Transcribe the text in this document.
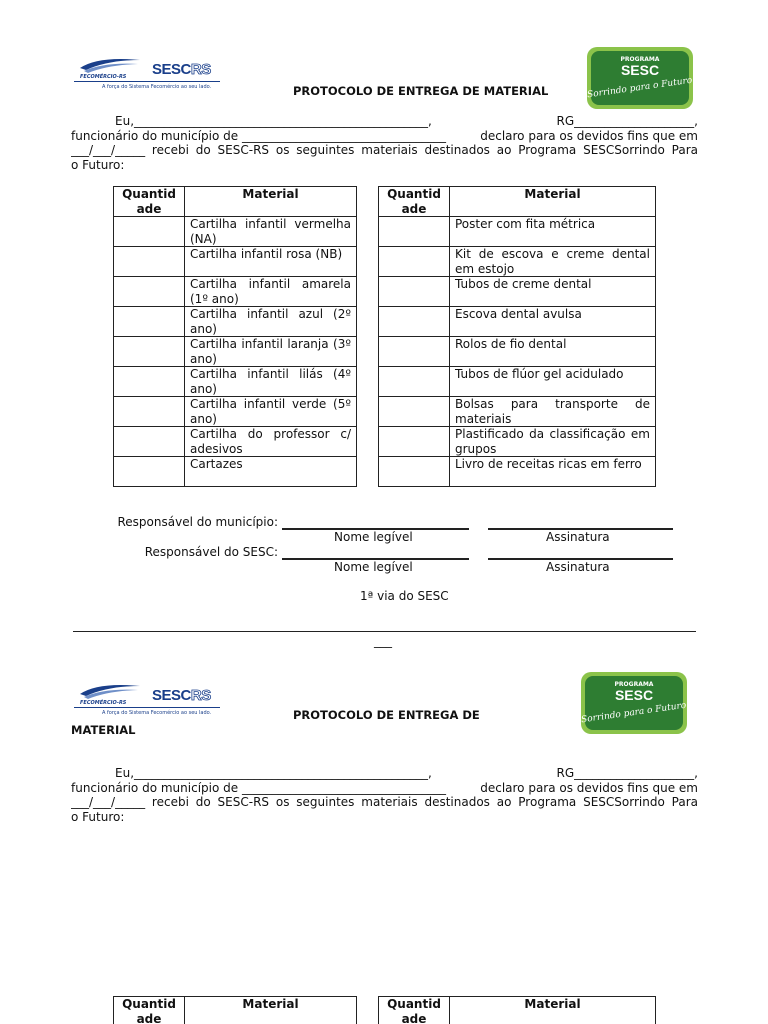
FECOMÉRCIO-RS SESCRS
A força do Sistema Fecomércio ao seu lado.
PROGRAMA
SESC
Sorrindo para o Futuro
PROTOCOLO DE ENTREGA DE MATERIAL
Eu,_________________________________________________,	RG____________________,
funcionário do município de __________________________________	declaro para os devidos fins que em
___/___/_____ recebi do SESC-RS os seguintes materiais destinados ao Programa SESCSorrindo Para
o Futuro:
Quantidade	Material
	Cartilha infantil vermelha (NA)
	Cartilha infantil rosa (NB)
	Cartilha infantil amarela (1º ano)
	Cartilha infantil azul (2º ano)
	Cartilha infantil laranja (3º ano)
	Cartilha infantil lilás (4º ano)
	Cartilha infantil verde (5º ano)
	Cartilha do professor c/ adesivos
	Cartazes
Quantidade	Material
	Poster com fita métrica
	Kit de escova e creme dental em estojo
	Tubos de creme dental
	Escova dental avulsa
	Rolos de fio dental
	Tubos de flúor gel acidulado
	Bolsas para transporte de materiais
	Plastificado da classificação em grupos
	Livro de receitas ricas em ferro
Responsável do município:
Nome legível	Assinatura
Responsável do SESC:
Nome legível	Assinatura
1ª via do SESC
___
FECOMÉRCIO-RS SESCRS
A força do Sistema Fecomércio ao seu lado.
PROGRAMA
SESC
Sorrindo para o Futuro
PROTOCOLO DE ENTREGA DE
MATERIAL
Eu,_________________________________________________,	RG____________________,
funcionário do município de __________________________________	declaro para os devidos fins que em
___/___/_____ recebi do SESC-RS os seguintes materiais destinados ao Programa SESCSorrindo Para
o Futuro:
Quantidade	Material	Quantidade	Material
